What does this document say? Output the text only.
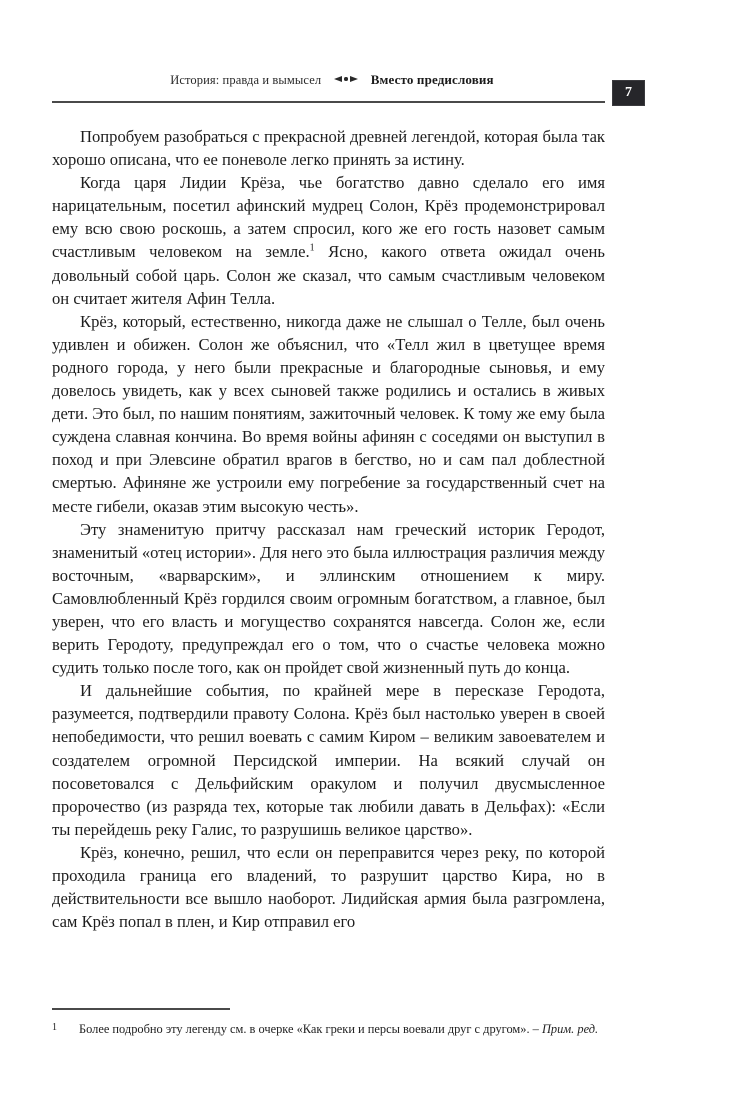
История: правда и вымысел	Вместо предисловия
7

Попробуем разобраться с прекрасной древней легендой, которая была так хорошо описана, что ее поневоле легко принять за истину.

Когда царя Лидии Крёза, чье богатство давно сделало его имя нарицательным, посетил афинский мудрец Солон, Крёз продемонстрировал ему всю свою роскошь, а затем спросил, кого же его гость назовет самым счастливым человеком на земле.$^1$ Ясно, какого ответа ожидал очень довольный собой царь. Солон же сказал, что самым счастливым человеком он считает жителя Афин Телла.

Крёз, который, естественно, никогда даже не слышал о Телле, был очень удивлен и обижен. Солон же объяснил, что «Телл жил в цветущее время родного города, у него были прекрасные и благородные сыновья, и ему довелось увидеть, как у всех сыновей также родились и остались в живых дети. Это был, по нашим понятиям, зажиточный человек. К тому же ему была суждена славная кончина. Во время войны афинян с соседями он выступил в поход и при Элевсине обратил врагов в бегство, но и сам пал доблестной смертью. Афиняне же устроили ему погребение за государственный счет на месте гибели, оказав этим высокую честь».

Эту знаменитую притчу рассказал нам греческий историк Геродот, знаменитый «отец истории». Для него это была иллюстрация различия между восточным, «варварским», и эллинским отношением к миру. Самовлюбленный Крёз гордился своим огромным богатством, а главное, был уверен, что его власть и могущество сохранятся навсегда. Солон же, если верить Геродоту, предупреждал его о том, что о счастье человека можно судить только после того, как он пройдет свой жизненный путь до конца.

И дальнейшие события, по крайней мере в пересказе Геродота, разумеется, подтвердили правоту Солона. Крёз был настолько уверен в своей непобедимости, что решил воевать с самим Киром – великим завоевателем и создателем огромной Персидской империи. На всякий случай он посоветовался с Дельфийским оракулом и получил двусмысленное пророчество (из разряда тех, которые так любили давать в Дельфах): «Если ты перейдешь реку Галис, то разрушишь великое царство».

Крёз, конечно, решил, что если он переправится через реку, по которой проходила граница его владений, то разрушит царство Кира, но в действительности все вышло наоборот. Лидийская армия была разгромлена, сам Крёз попал в плен, и Кир отправил его

1	Более подробно эту легенду см. в очерке «Как греки и персы воевали друг с другом». – Прим. ред.
